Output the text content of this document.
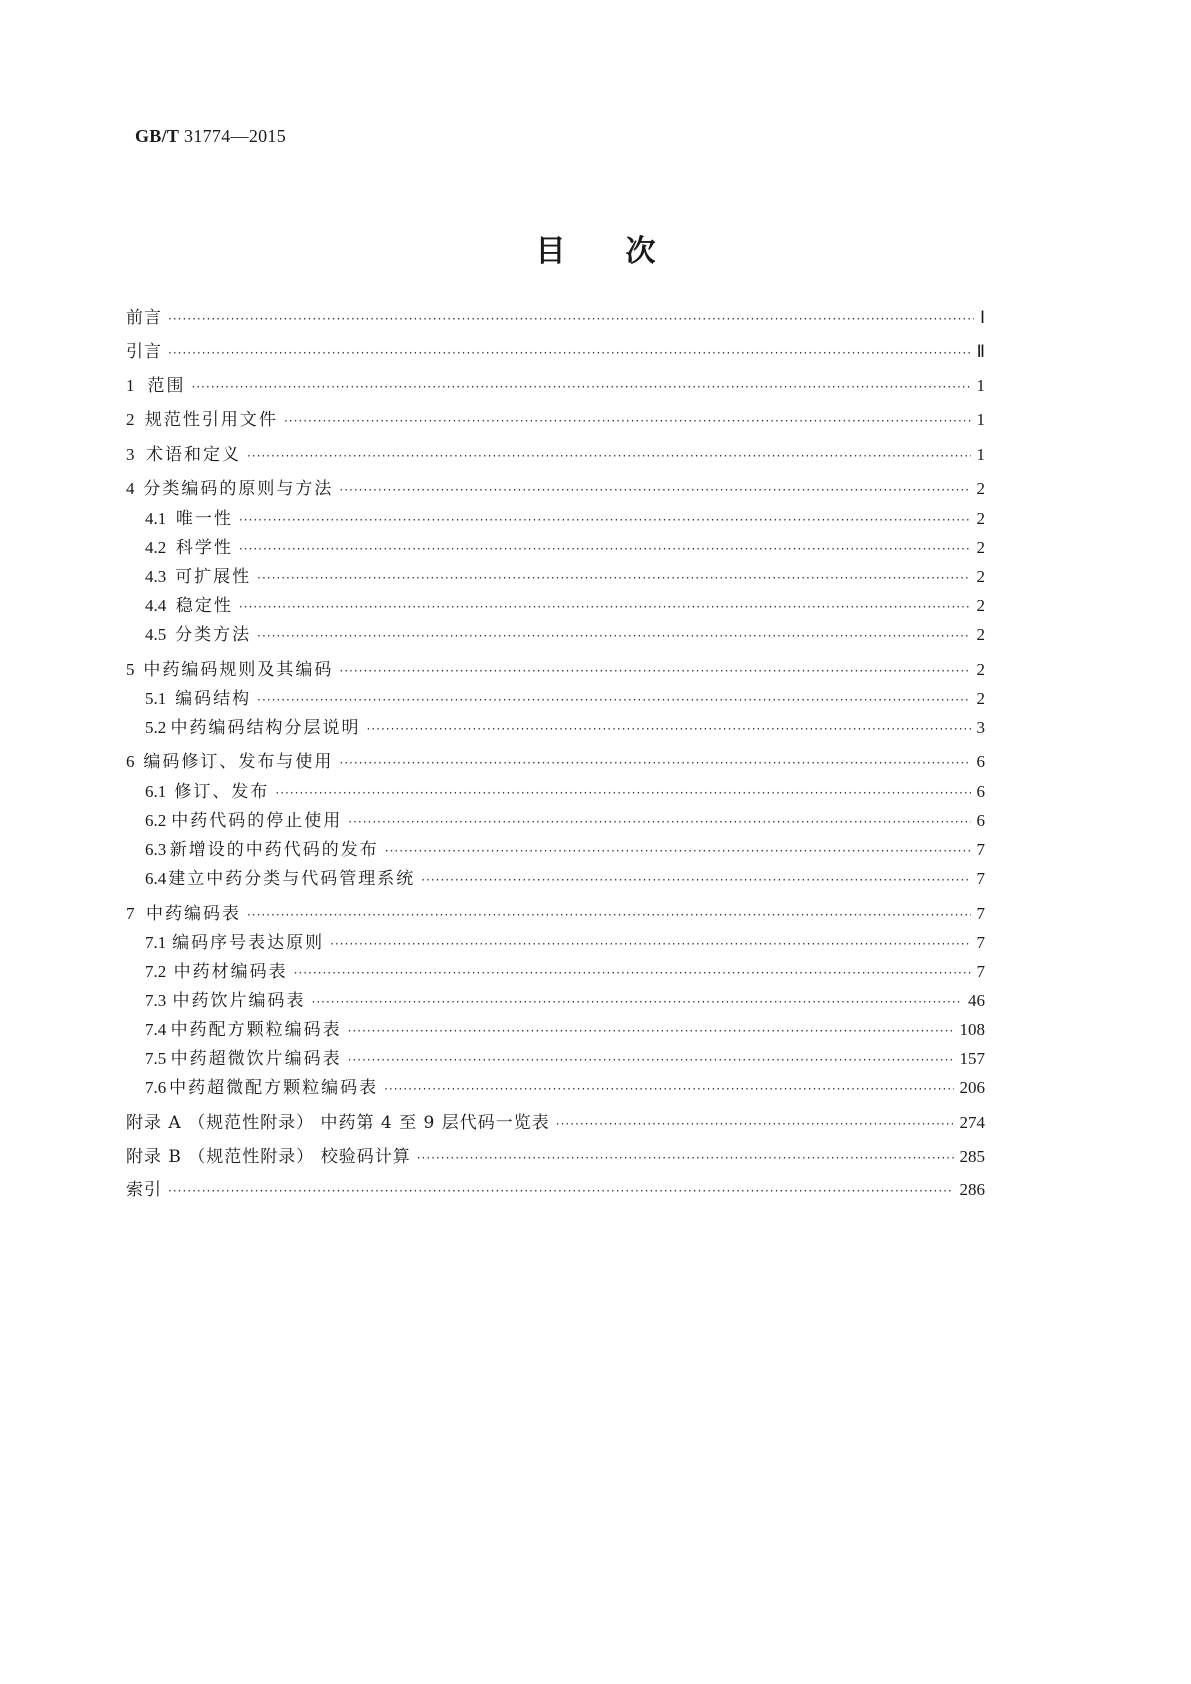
GB/T 31774—2015
目次
前言 ·····	Ⅰ
引言 ·····	Ⅱ
1 范围 ·····	1
2 规范性引用文件 ·····	1
3 术语和定义 ·····	1
4 分类编码的原则与方法 ·····	2
4.1 唯一性 ·····	2
4.2 科学性 ·····	2
4.3 可扩展性 ·····	2
4.4 稳定性 ·····	2
4.5 分类方法 ·····	2
5 中药编码规则及其编码 ·····	2
5.1 编码结构 ·····	2
5.2 中药编码结构分层说明 ·····	3
6 编码修订、发布与使用 ·····	6
6.1 修订、发布 ·····	6
6.2 中药代码的停止使用 ·····	6
6.3 新增设的中药代码的发布 ·····	7
6.4 建立中药分类与代码管理系统 ·····	7
7 中药编码表 ·····	7
7.1 编码序号表达原则 ·····	7
7.2 中药材编码表 ·····	7
7.3 中药饮片编码表 ·····	46
7.4 中药配方颗粒编码表 ·····	108
7.5 中药超微饮片编码表 ·····	157
7.6 中药超微配方颗粒编码表 ·····	206
附录 A （规范性附录） 中药第 4 至 9 层代码一览表 ·····	274
附录 B （规范性附录） 校验码计算 ·····	285
索引 ·····	286
